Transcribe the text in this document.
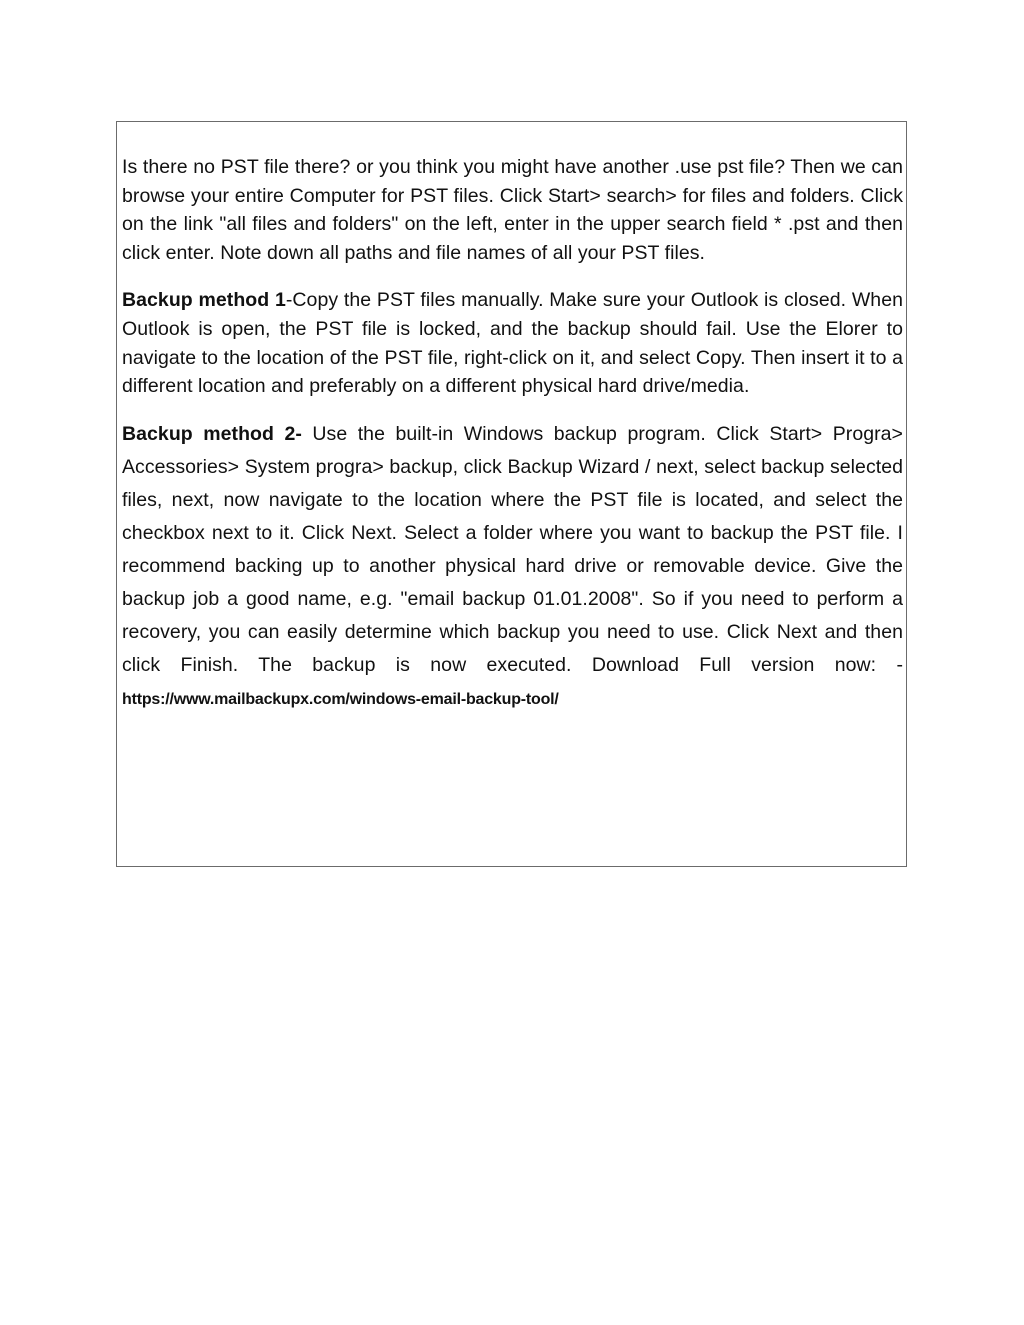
Is there no PST file there? or you think you might have another .use pst file? Then we can browse your entire Computer for PST files. Click Start> search> for files and folders. Click on the link "all files and folders" on the left, enter in the upper search field * .pst and then click enter. Note down all paths and file names of all your PST files.

Backup method 1-Copy the PST files manually. Make sure your Outlook is closed. When Outlook is open, the PST file is locked, and the backup should fail. Use the Elorer to navigate to the location of the PST file, right-click on it, and select Copy. Then insert it to a different location and preferably on a different physical hard drive/media.

Backup method 2- Use the built-in Windows backup program. Click Start> Progra> Accessories> System progra> backup, click Backup Wizard / next, select backup selected files, next, now navigate to the location where the PST file is located, and select the checkbox next to it. Click Next. Select a folder where you want to backup the PST file. I recommend backing up to another physical hard drive or removable device. Give the backup job a good name, e.g. "email backup 01.01.2008". So if you need to perform a recovery, you can easily determine which backup you need to use. Click Next and then click Finish. The backup is now executed. Download Full version now: - https://www.mailbackupx.com/windows-email-backup-tool/
